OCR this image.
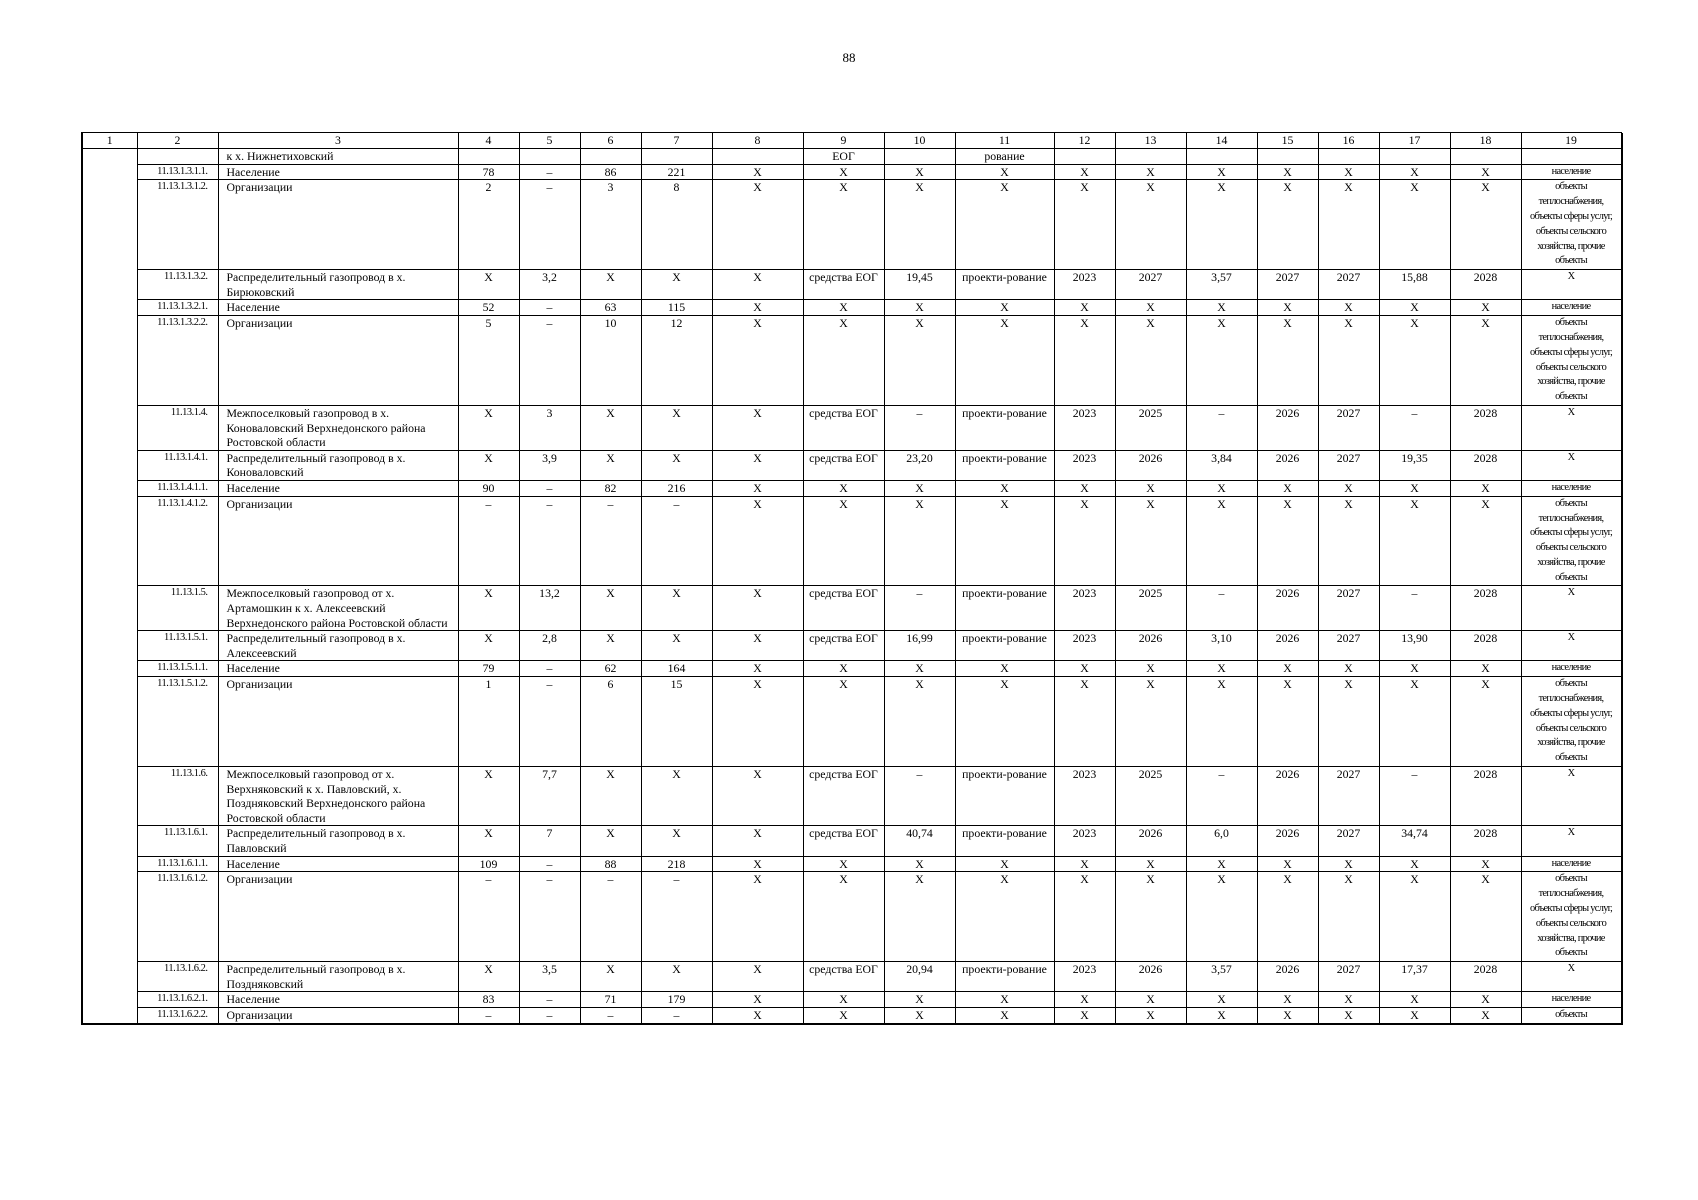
88
1	2	3	4	5	6	7	8	9	10	11	12	13	14	15	16	17	18	19	
		к х. Нижнетиховский						ЕОГ		рование									
	11.13.1.3.1.1.	Население	78	–	86	221	X	X	X	X	X	X	X	X	X	X	X	население	
	11.13.1.3.1.2.	Организации	2	–	3	8	X	X	X	X	X	X	X	X	X	X	X	объекты теплоснабжения, объекты сферы услуг, объекты сельского хозяйства, прочие объекты	
	11.13.1.3.2.	Распределительный газопровод в х. Бирюковский	X	3,2	X	X	X	средства ЕОГ	19,45	проекти-рование	2023	2027	3,57	2027	2027	15,88	2028	X	
	11.13.1.3.2.1.	Население	52	–	63	115	X	X	X	X	X	X	X	X	X	X	X	население	
	11.13.1.3.2.2.	Организации	5	–	10	12	X	X	X	X	X	X	X	X	X	X	X	объекты теплоснабжения, объекты сферы услуг, объекты сельского хозяйства, прочие объекты	
	11.13.1.4.	Межпоселковый газопровод в х. Коноваловский Верхнедонского района Ростовской области	X	3	X	X	X	средства ЕОГ	–	проекти-рование	2023	2025	–	2026	2027	–	2028	X	
	11.13.1.4.1.	Распределительный газопровод в х. Коноваловский	X	3,9	X	X	X	средства ЕОГ	23,20	проекти-рование	2023	2026	3,84	2026	2027	19,35	2028	X	
	11.13.1.4.1.1.	Население	90	–	82	216	X	X	X	X	X	X	X	X	X	X	X	население	
	11.13.1.4.1.2.	Организации	–	–	–	–	X	X	X	X	X	X	X	X	X	X	X	объекты теплоснабжения, объекты сферы услуг, объекты сельского хозяйства, прочие объекты	
	11.13.1.5.	Межпоселковый газопровод от х. Артамошкин к х. Алексеевский Верхнедонского района Ростовской области	X	13,2	X	X	X	средства ЕОГ	–	проекти-рование	2023	2025	–	2026	2027	–	2028	X	
	11.13.1.5.1.	Распределительный газопровод в х. Алексеевский	X	2,8	X	X	X	средства ЕОГ	16,99	проекти-рование	2023	2026	3,10	2026	2027	13,90	2028	X	
	11.13.1.5.1.1.	Население	79	–	62	164	X	X	X	X	X	X	X	X	X	X	X	население	
	11.13.1.5.1.2.	Организации	1	–	6	15	X	X	X	X	X	X	X	X	X	X	X	объекты теплоснабжения, объекты сферы услуг, объекты сельского хозяйства, прочие объекты	
	11.13.1.6.	Межпоселковый газопровод от х. Верхняковский к х. Павловский, х. Поздняковский Верхнедонского района Ростовской области	X	7,7	X	X	X	средства ЕОГ	–	проекти-рование	2023	2025	–	2026	2027	–	2028	X	
	11.13.1.6.1.	Распределительный газопровод в х. Павловский	X	7	X	X	X	средства ЕОГ	40,74	проекти-рование	2023	2026	6,0	2026	2027	34,74	2028	X	
	11.13.1.6.1.1.	Население	109	–	88	218	X	X	X	X	X	X	X	X	X	X	X	население	
	11.13.1.6.1.2.	Организации	–	–	–	–	X	X	X	X	X	X	X	X	X	X	X	объекты теплоснабжения, объекты сферы услуг, объекты сельского хозяйства, прочие объекты	
	11.13.1.6.2.	Распределительный газопровод в х. Поздняковский	X	3,5	X	X	X	средства ЕОГ	20,94	проекти-рование	2023	2026	3,57	2026	2027	17,37	2028	X	
	11.13.1.6.2.1.	Население	83	–	71	179	X	X	X	X	X	X	X	X	X	X	X	население	
	11.13.1.6.2.2.	Организации	–	–	–	–	X	X	X	X	X	X	X	X	X	X	X	объекты	
